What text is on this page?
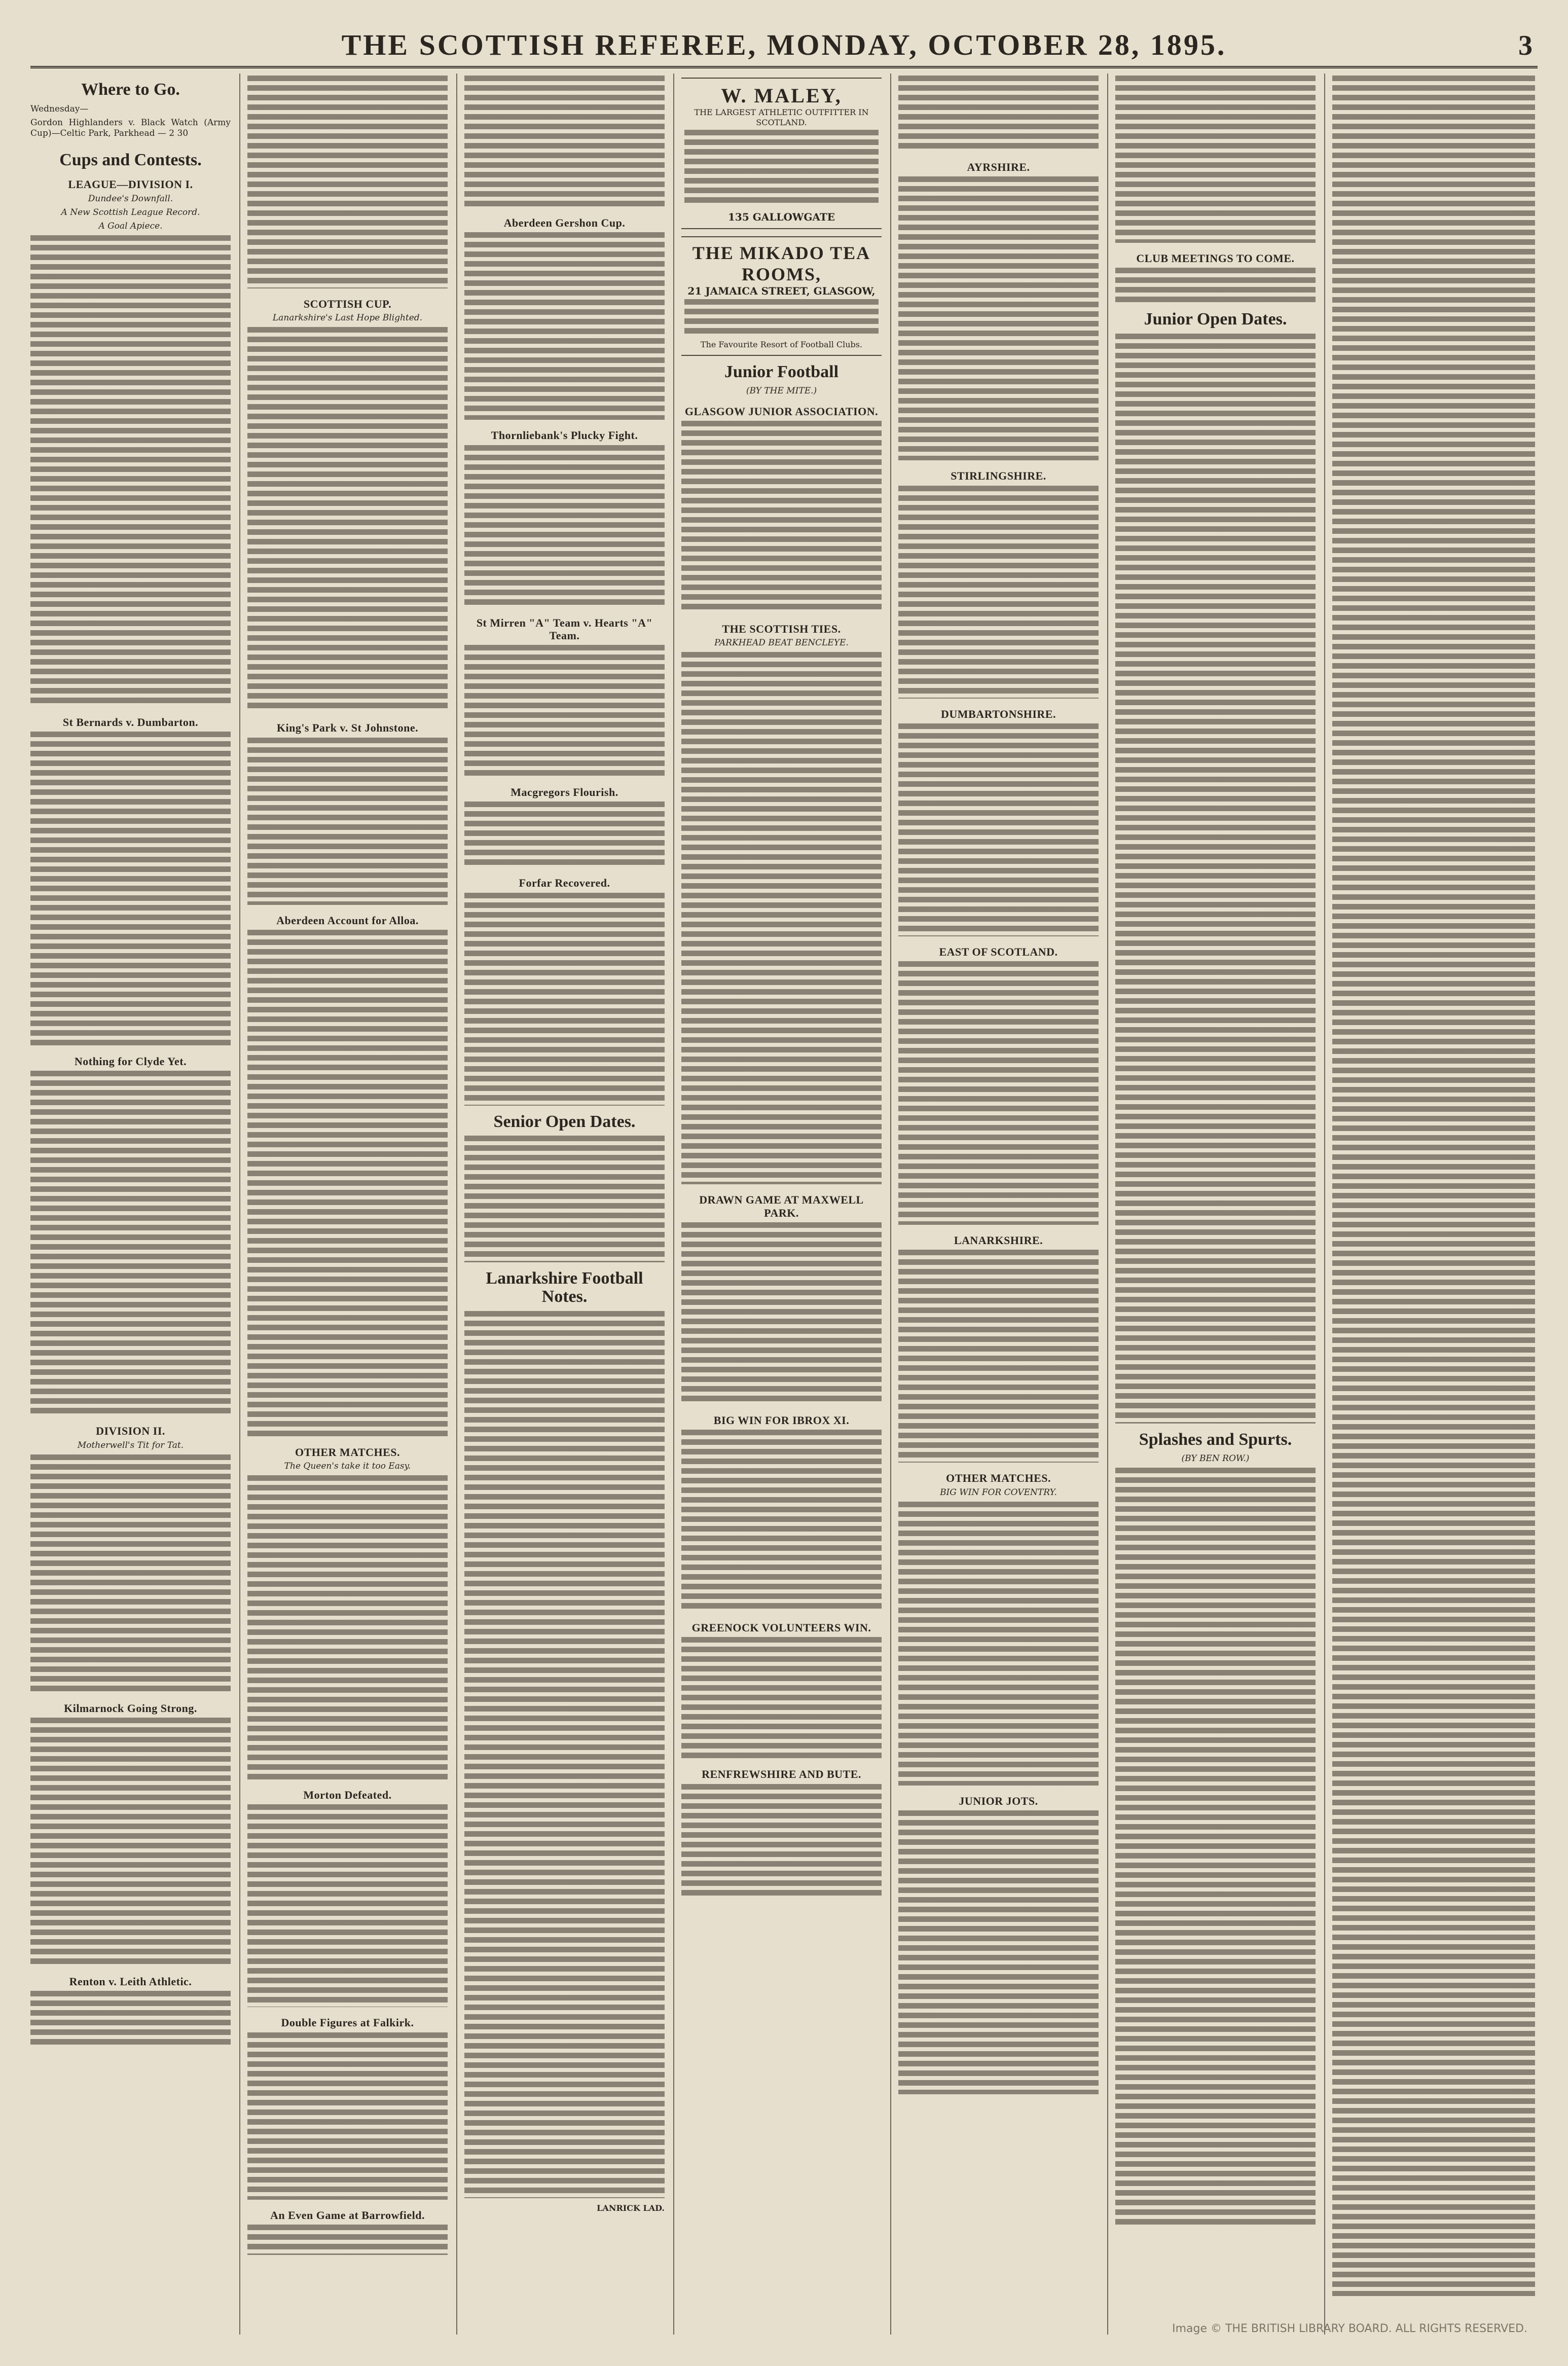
THE SCOTTISH REFEREE, MONDAY, OCTOBER 28, 1895.	3
Where to Go.

Wednesday—

Gordon Highlanders v. Black Watch (Army Cup)—Celtic Park, Parkhead — 2 30

Cups and Contests.
LEAGUE—DIVISION I.

Dundee's Downfall.

A New Scottish League Record.

A Goal Apiece.

St Bernards v. Dumbarton.
Nothing for Clyde Yet.
DIVISION II.

Motherwell's Tit for Tat.

Kilmarnock Going Strong.
Renton v. Leith Athletic.
SCOTTISH CUP.

Lanarkshire's Last Hope Blighted.

King's Park v. St Johnstone.
Aberdeen Account for Alloa.
OTHER MATCHES.

The Queen's take it too Easy.

Morton Defeated.
Double Figures at Falkirk.
An Even Game at Barrowfield.
Aberdeen Gershon Cup.
Thornliebank's Plucky Fight.
St Mirren "A" Team v. Hearts "A" Team.
Macgregors Flourish.
Forfar Recovered.
Senior Open Dates.
Lanarkshire Football Notes.

LANRICK LAD.

W. MALEY,
THE LARGEST ATHLETIC OUTFITTER IN SCOTLAND.
135 GALLOWGATE
THE MIKADO TEA ROOMS,
21 JAMAICA STREET, GLASGOW,
The Favourite Resort of Football Clubs.
Junior Football

(BY THE MITE.)

GLASGOW JUNIOR ASSOCIATION.
THE SCOTTISH TIES.

PARKHEAD BEAT BENCLEYE.

DRAWN GAME AT MAXWELL PARK.
BIG WIN FOR IBROX XI.
GREENOCK VOLUNTEERS WIN.
RENFREWSHIRE AND BUTE.
AYRSHIRE.
STIRLINGSHIRE.
DUMBARTONSHIRE.
EAST OF SCOTLAND.
LANARKSHIRE.
OTHER MATCHES.

BIG WIN FOR COVENTRY.

JUNIOR JOTS.
CLUB MEETINGS TO COME.
Junior Open Dates.
Splashes and Spurts.

(BY BEN ROW.)

Image © THE BRITISH LIBRARY BOARD. ALL RIGHTS RESERVED.
